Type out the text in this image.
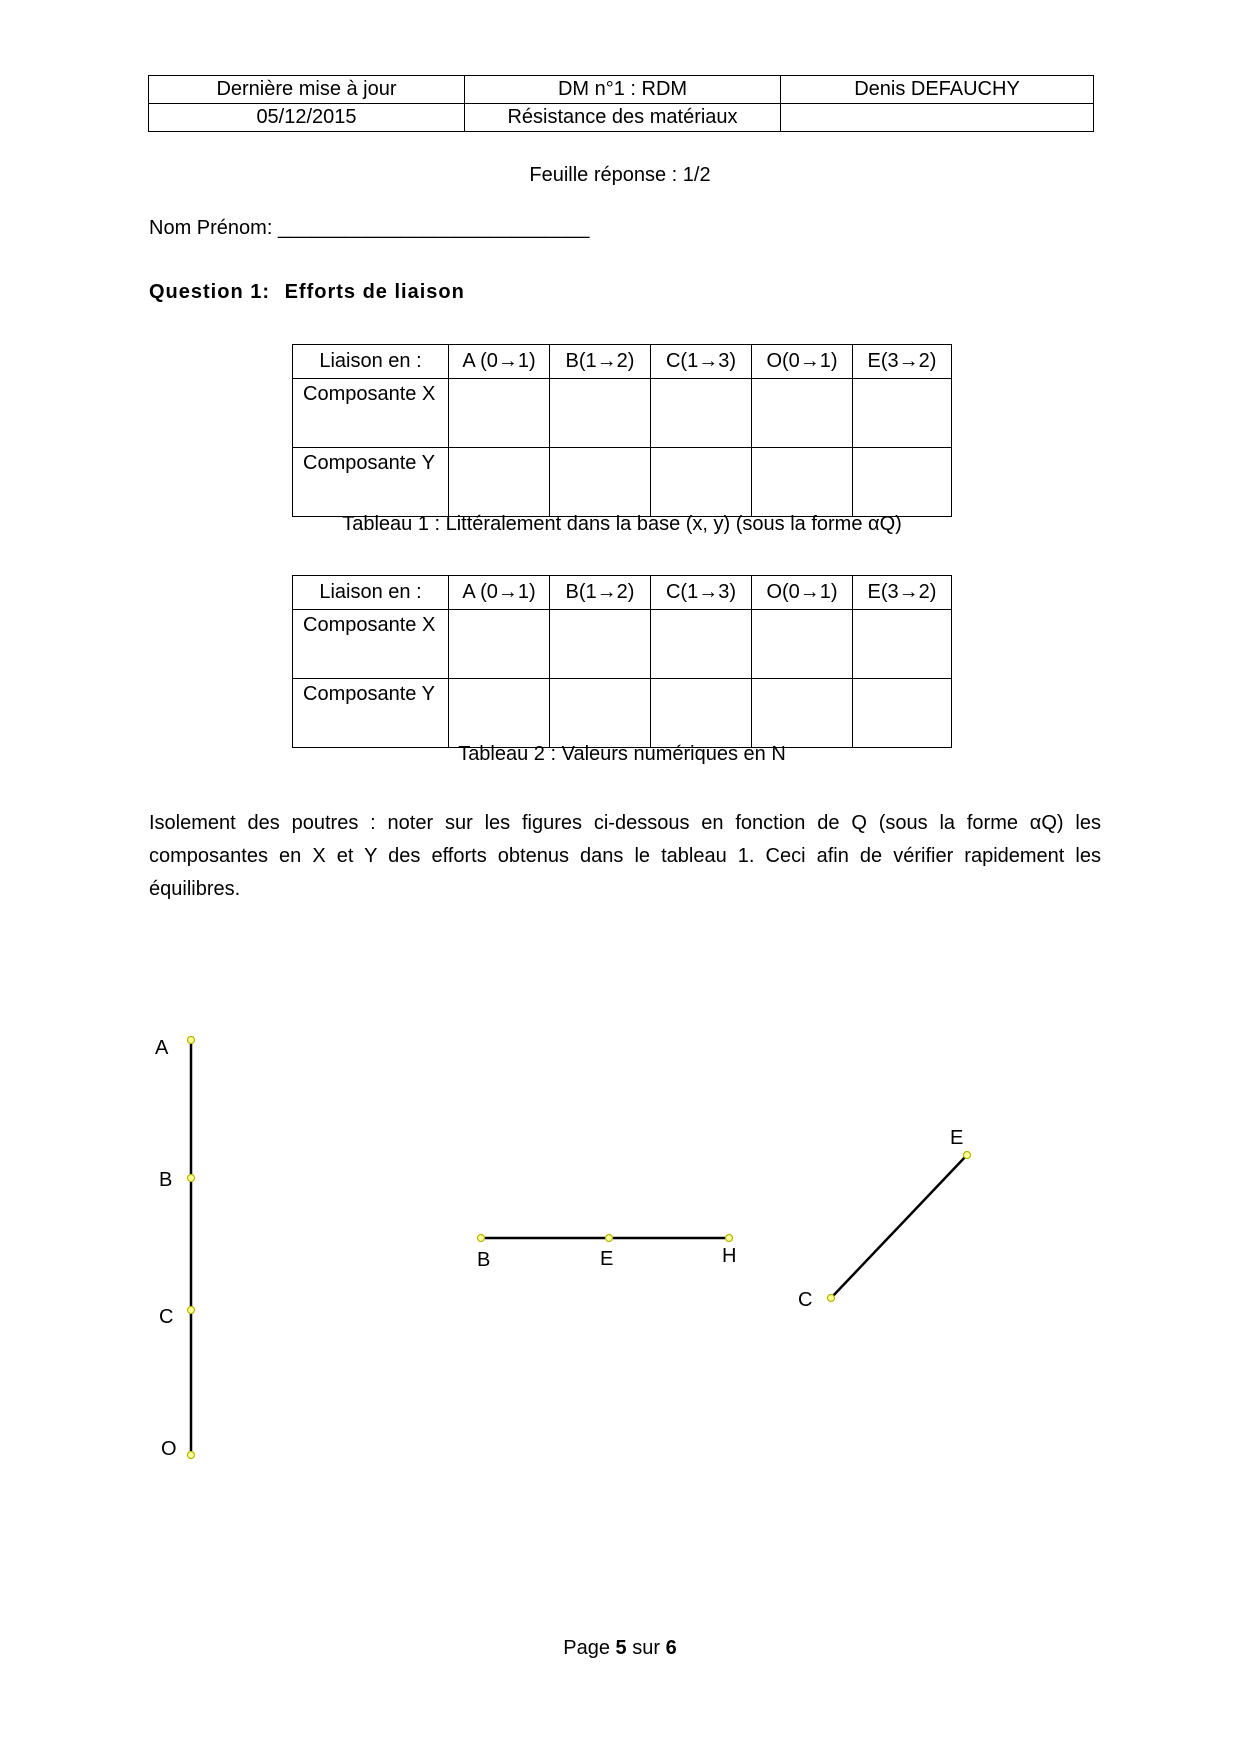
Dernière mise à jour	DM n°1 : RDM	Denis DEFAUCHY
05/12/2015	Résistance des matériaux	
Feuille réponse : 1/2
Nom Prénom: ____________________________
Question 1: Efforts de liaison
Liaison en :	A (0→1)	B(1→2)	C(1→3)	O(0→1)	E(3→2)
Composante X					
Composante Y					
Tableau 1 : Littéralement dans la base (x, y) (sous la forme αQ)
Liaison en :	A (0→1)	B(1→2)	C(1→3)	O(0→1)	E(3→2)
Composante X					
Composante Y					
Tableau 2 : Valeurs numériques en N
Isolement des poutres : noter sur les figures ci-dessous en fonction de Q (sous la forme αQ) les composantes en X et Y des efforts obtenus dans le tableau 1. Ceci afin de vérifier rapidement les équilibres.
A
B
C
O
B	E	H
E
C
Page 5 sur 6
